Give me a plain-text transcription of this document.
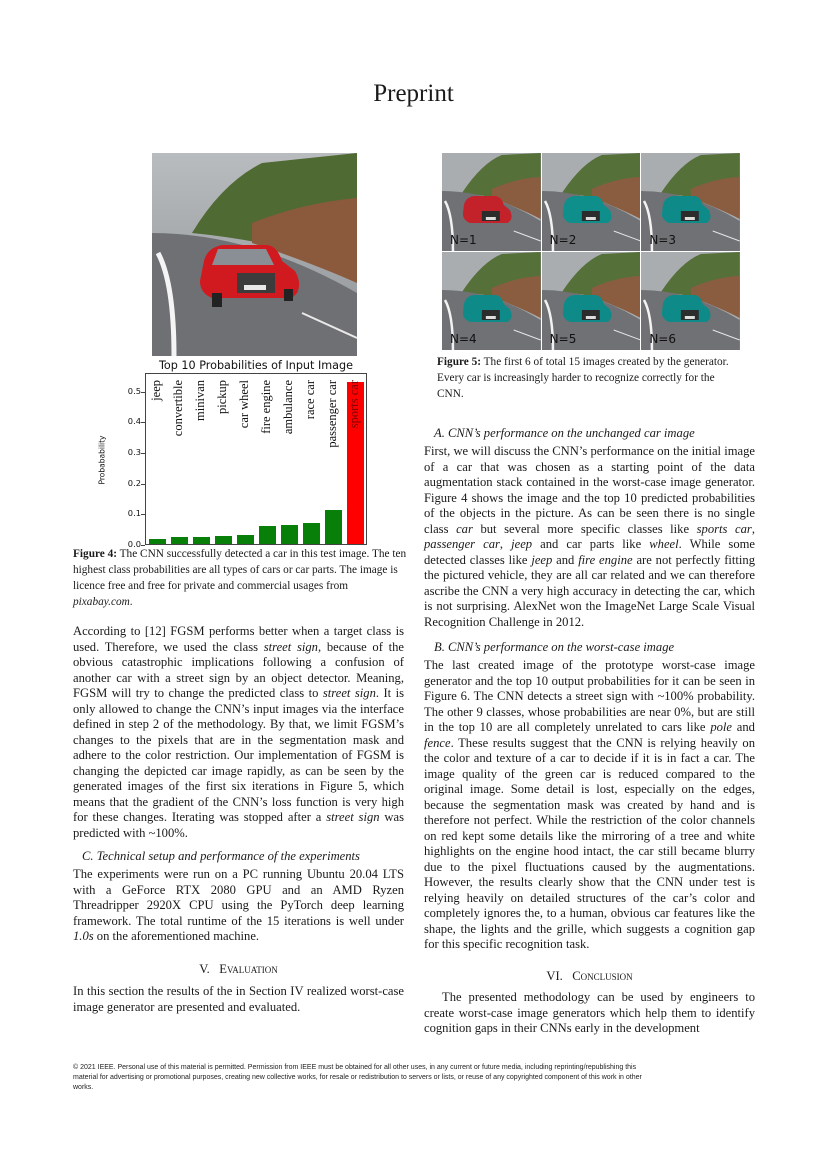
Preprint
Top 10 Probabilities of Input Image
Probabability
0.0
0.1
0.2
0.3
0.4
0.5 jeep convertible minivan pickup car wheel fire engine ambulance race car passenger car sports car
Figure 4: The CNN successfully detected a car in this test image. The ten highest class probabilities are all types of cars or car parts. The image is licence free and free for private and commercial usages from pixabay.com.
According to [12] FGSM performs better when a target class is used. Therefore, we used the class street sign, because of the obvious catastrophic implications following a confusion of another car with a street sign by an object detector. Meaning, FGSM will try to change the predicted class to street sign. It is only allowed to change the CNN’s input images via the interface defined in step 2 of the methodology. By that, we limit FGSM’s changes to the pixels that are in the segmentation mask and adhere to the color restriction. Our implementation of FGSM is changing the depicted car image rapidly, as can be seen by the generated images of the first six iterations in Figure 5, which means that the gradient of the CNN’s loss function is very high for these changes. Iterating was stopped after a street sign was predicted with ~100%.
C. Technical setup and performance of the experiments
The experiments were run on a PC running Ubuntu 20.04 LTS with a GeForce RTX 2080 GPU and an AMD Ryzen Threadripper 2920X CPU using the PyTorch deep learning framework. The total runtime of the 15 iterations is well under 1.0s on the aforementioned machine.
V. Evaluation
In this section the results of the in Section IV realized worst-case image generator are presented and evaluated.
N=1	N=2	N=3
N=4	N=5	N=6
Figure 5: The first 6 of total 15 images created by the generator. Every car is increasingly harder to recognize correctly for the CNN.
A. CNN’s performance on the unchanged car image
First, we will discuss the CNN’s performance on the initial image of a car that was chosen as a starting point of the data augmentation stack contained in the worst-case image generator. Figure 4 shows the image and the top 10 predicted probabilities of the objects in the picture. As can be seen there is no single class car but several more specific classes like sports car, passenger car, jeep and car parts like wheel. While some detected classes like jeep and fire engine are not perfectly fitting the pictured vehicle, they are all car related and we can therefore ascribe the CNN a very high accuracy in detecting the car, which is not surprising. AlexNet won the ImageNet Large Scale Visual Recognition Challenge in 2012.
B. CNN’s performance on the worst-case image
The last created image of the prototype worst-case image generator and the top 10 output probabilities for it can be seen in Figure 6. The CNN detects a street sign with ~100% probability. The other 9 classes, whose probabilities are near 0%, but are still in the top 10 are all completely unrelated to cars like pole and fence. These results suggest that the CNN is relying heavily on the color and texture of a car to decide if it is in fact a car. The image quality of the green car is reduced compared to the original image. Some detail is lost, especially on the edges, because the segmentation mask was created by hand and is therefore not perfect. While the restriction of the color channels on red kept some details like the mirroring of a tree and white highlights on the engine hood intact, the car still became blurry due to the pixel fluctuations caused by the augmentations. However, the results clearly show that the CNN under test is relying heavily on detailed structures of the car’s color and completely ignores the, to a human, obvious car features like the shape, the lights and the grille, which suggests a cognition gap for this specific recognition task.
VI. Conclusion
The presented methodology can be used by engineers to create worst-case image generators which help them to identify cognition gaps in their CNNs early in the development
© 2021 IEEE. Personal use of this material is permitted. Permission from IEEE must be obtained for all other uses, in any current or future media, including reprinting/republishing this material for advertising or promotional purposes, creating new collective works, for resale or redistribution to servers or lists, or reuse of any copyrighted component of this work in other works.
